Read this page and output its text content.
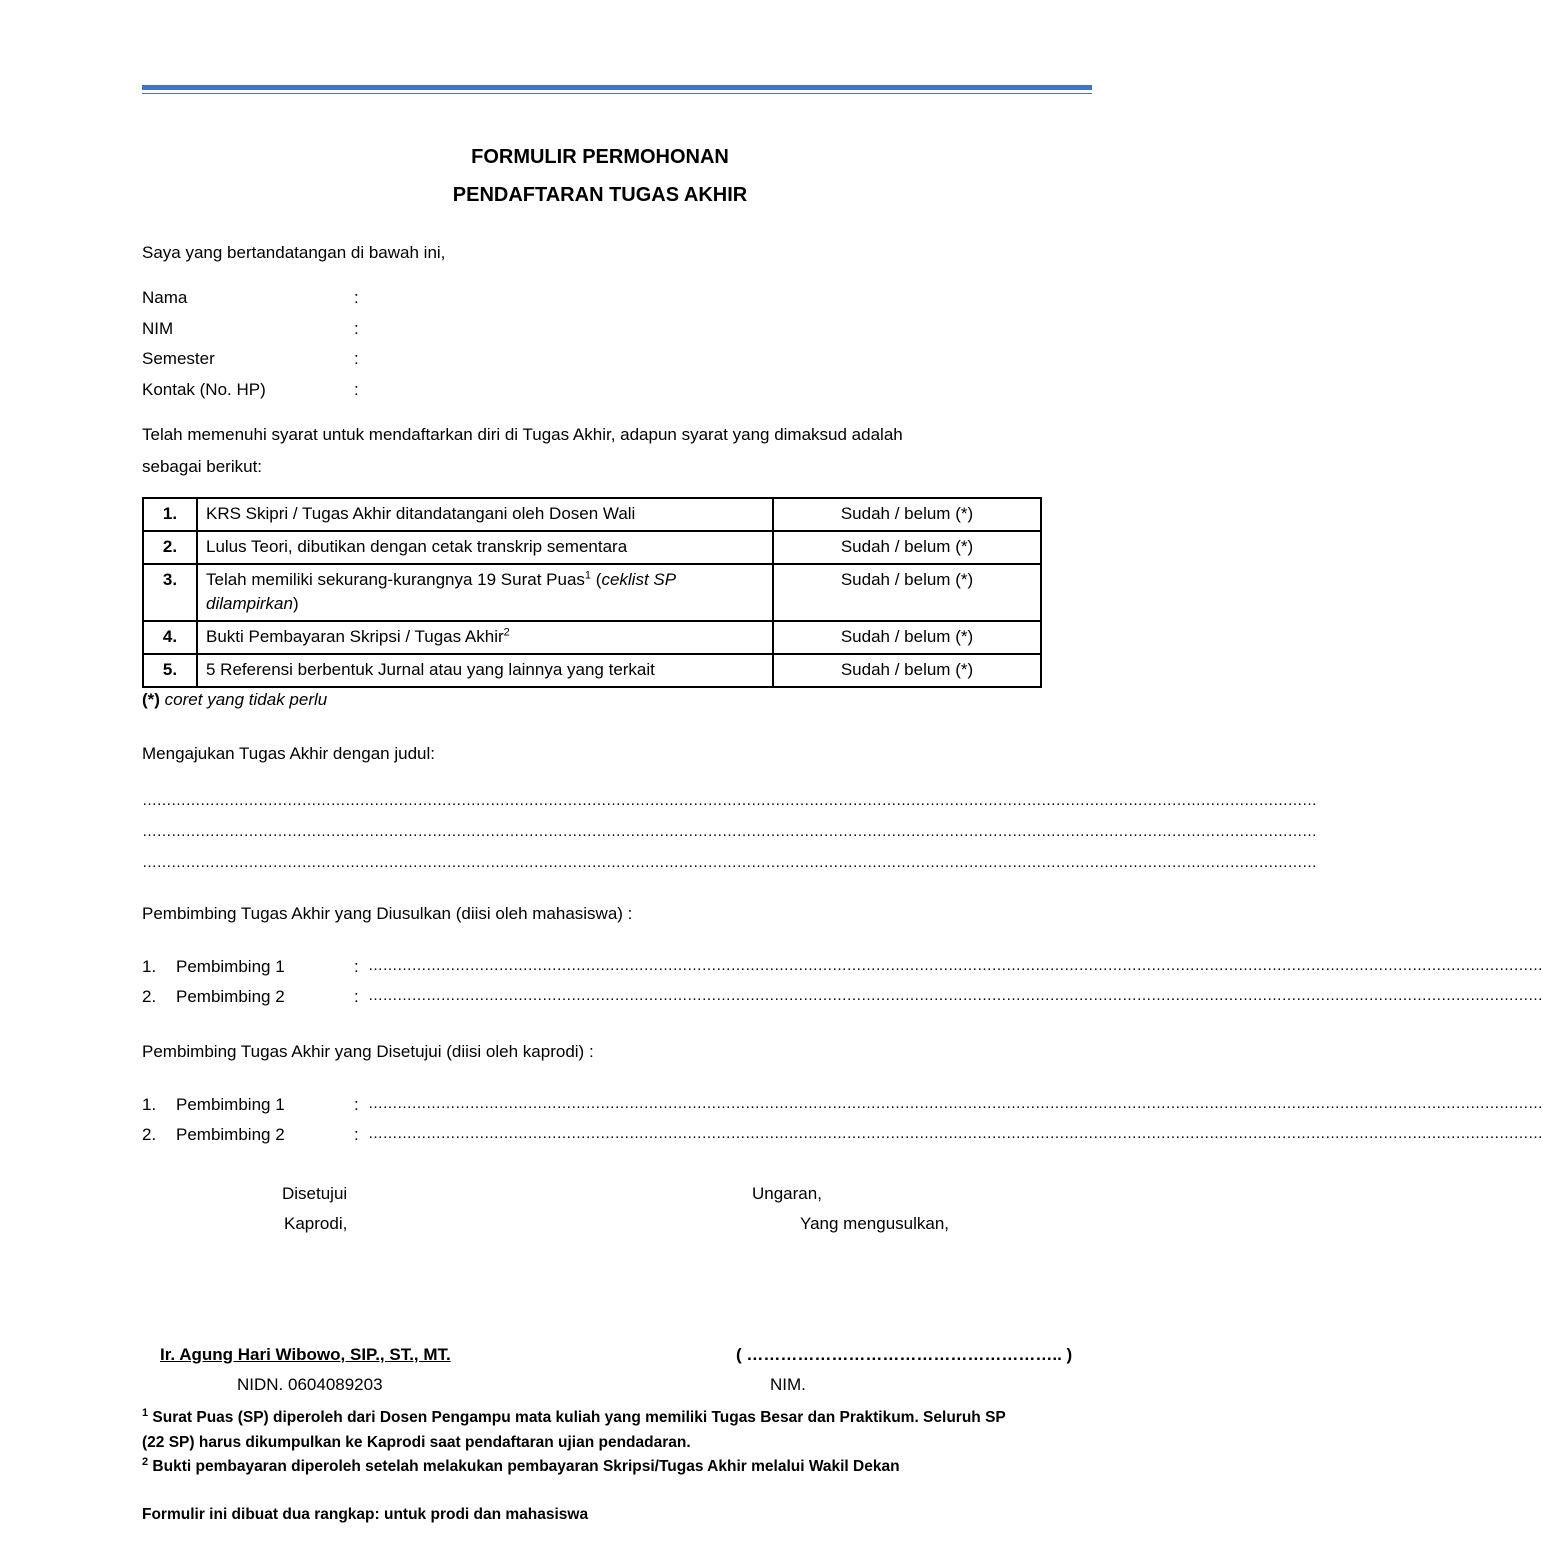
FORMULIR PERMOHONAN
PENDAFTARAN TUGAS AKHIR
Saya yang bertandatangan di bawah ini,
Nama	:
NIM	:
Semester	:
Kontak (No. HP)	:
Telah memenuhi syarat untuk mendaftarkan diri di Tugas Akhir, adapun syarat yang dimaksud adalah
sebagai berikut:
1.	KRS Skipri / Tugas Akhir ditandatangani oleh Dosen Wali	Sudah / belum (*)
2.	Lulus Teori, dibutikan dengan cetak transkrip sementara	Sudah / belum (*)
3.	Telah memiliki sekurang-kurangnya 19 Surat Puas$^1$ (ceklist SP dilampirkan)	Sudah / belum (*)
4.	Bukti Pembayaran Skripsi / Tugas Akhir$^2$	Sudah / belum (*)
5.	5 Referensi berbentuk Jurnal atau yang lainnya yang terkait	Sudah / belum (*)
(*) coret yang tidak perlu
Mengajukan Tugas Akhir dengan judul:
………………………………………………………………………………………………………………………………………………………………………………………………………………………
………………………………………………………………………………………………………………………………………………………………………………………………………………………
………………………………………………………………………………………………………………………………………………………………………………………………………………………
Pembimbing Tugas Akhir yang Diusulkan (diisi oleh mahasiswa) :
1. Pembimbing 1	: ………………………………………………………………………………………………………………………………………………………………………………………………………………………
2. Pembimbing 2	: ………………………………………………………………………………………………………………………………………………………………………………………………………………………
Pembimbing Tugas Akhir yang Disetujui (diisi oleh kaprodi) :
1. Pembimbing 1	: ………………………………………………………………………………………………………………………………………………………………………………………………………………………
2. Pembimbing 2	: ………………………………………………………………………………………………………………………………………………………………………………………………………………………
Disetujui
Kaprodi,
Ungaran,
Yang mengusulkan,
Ir. Agung Hari Wibowo, SIP., ST., MT.
NIDN. 0604089203
( ……………………………………………….. )
NIM.
$^1$ Surat Puas (SP) diperoleh dari Dosen Pengampu mata kuliah yang memiliki Tugas Besar dan Praktikum. Seluruh SP
(22 SP) harus dikumpulkan ke Kaprodi saat pendaftaran ujian pendadaran.
$^2$ Bukti pembayaran diperoleh setelah melakukan pembayaran Skripsi/Tugas Akhir melalui Wakil Dekan
Formulir ini dibuat dua rangkap: untuk prodi dan mahasiswa
